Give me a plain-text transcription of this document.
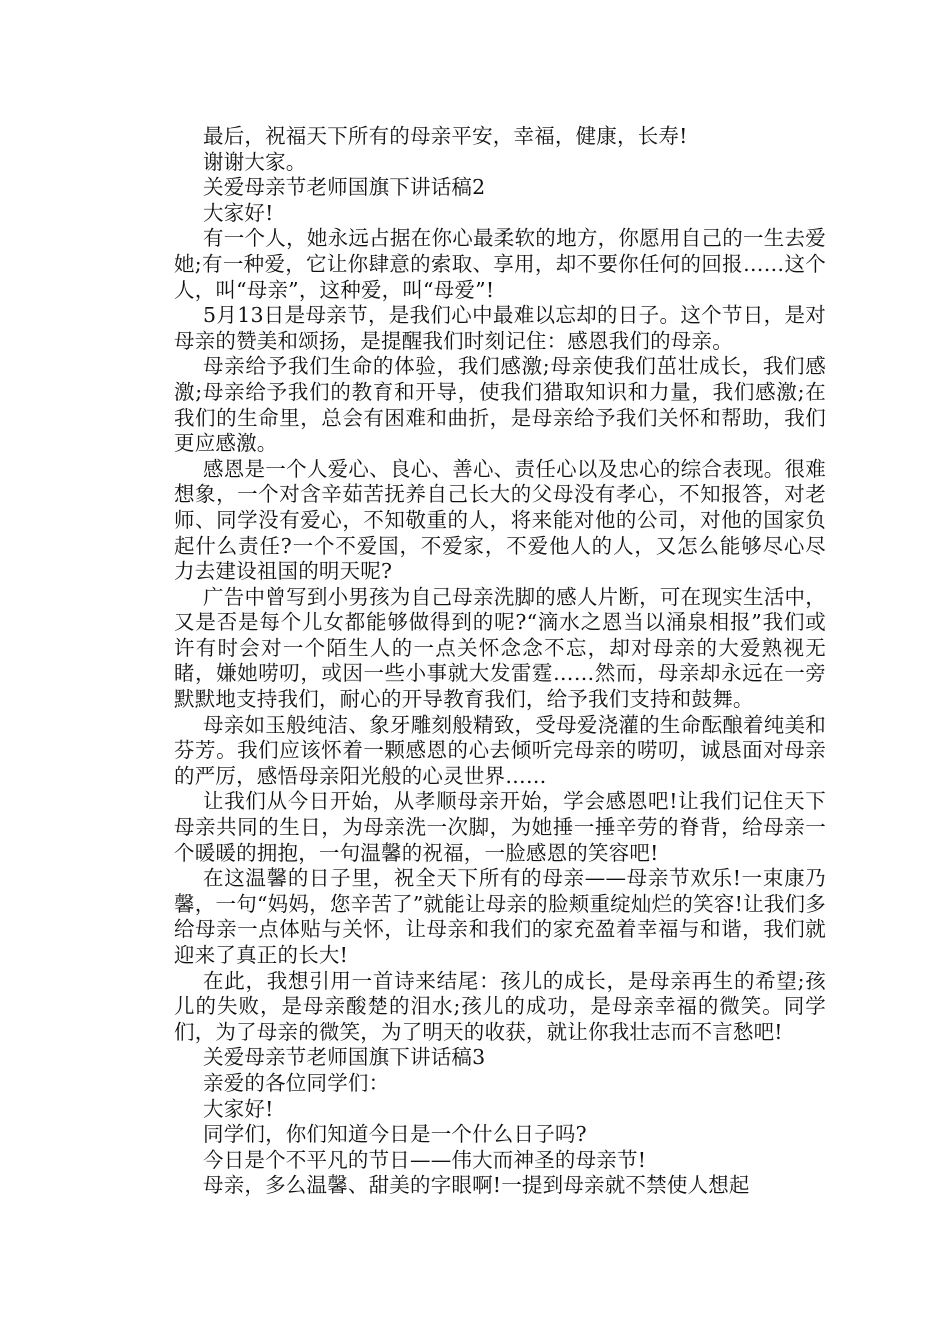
最后，祝福天下所有的母亲平安，幸福，健康，长寿!

谢谢大家。

关爱母亲节老师国旗下讲话稿2

大家好!

有一个人，她永远占据在你心最柔软的地方，你愿用自己的一生去爱她;有一种爱，它让你肆意的索取、享用，却不要你任何的回报……这个人，叫“母亲”，这种爱，叫“母爱”!

5月13日是母亲节，是我们心中最难以忘却的日子。这个节日，是对母亲的赞美和颂扬，是提醒我们时刻记住：感恩我们的母亲。

母亲给予我们生命的体验，我们感激;母亲使我们茁壮成长，我们感激;母亲给予我们的教育和开导，使我们猎取知识和力量，我们感激;在我们的生命里，总会有困难和曲折，是母亲给予我们关怀和帮助，我们更应感激。

感恩是一个人爱心、良心、善心、责任心以及忠心的综合表现。很难想象，一个对含辛茹苦抚养自己长大的父母没有孝心，不知报答，对老师、同学没有爱心，不知敬重的人，将来能对他的公司，对他的国家负起什么责任?一个不爱国，不爱家，不爱他人的人，又怎么能够尽心尽力去建设祖国的明天呢?

广告中曾写到小男孩为自己母亲洗脚的感人片断，可在现实生活中，又是否是每个儿女都能够做得到的呢?“滴水之恩当以涌泉相报”我们或许有时会对一个陌生人的一点关怀念念不忘，却对母亲的大爱熟视无睹，嫌她唠叨，或因一些小事就大发雷霆……然而，母亲却永远在一旁默默地支持我们，耐心的开导教育我们，给予我们支持和鼓舞。

母亲如玉般纯洁、象牙雕刻般精致，受母爱浇灌的生命酝酿着纯美和芬芳。我们应该怀着一颗感恩的心去倾听完母亲的唠叨，诚恳面对母亲的严厉，感悟母亲阳光般的心灵世界……

让我们从今日开始，从孝顺母亲开始，学会感恩吧!让我们记住天下母亲共同的生日，为母亲洗一次脚，为她捶一捶辛劳的脊背，给母亲一个暖暖的拥抱，一句温馨的祝福，一脸感恩的笑容吧!

在这温馨的日子里，祝全天下所有的母亲——母亲节欢乐!一束康乃馨，一句“妈妈，您辛苦了”就能让母亲的脸颊重绽灿烂的笑容!让我们多给母亲一点体贴与关怀，让母亲和我们的家充盈着幸福与和谐，我们就迎来了真正的长大!

在此，我想引用一首诗来结尾：孩儿的成长，是母亲再生的希望;孩儿的失败，是母亲酸楚的泪水;孩儿的成功，是母亲幸福的微笑。同学们，为了母亲的微笑，为了明天的收获，就让你我壮志而不言愁吧!

关爱母亲节老师国旗下讲话稿3

亲爱的各位同学们：

大家好!

同学们，你们知道今日是一个什么日子吗?

今日是个不平凡的节日——伟大而神圣的母亲节!

母亲，多么温馨、甜美的字眼啊!一提到母亲就不禁使人想起
